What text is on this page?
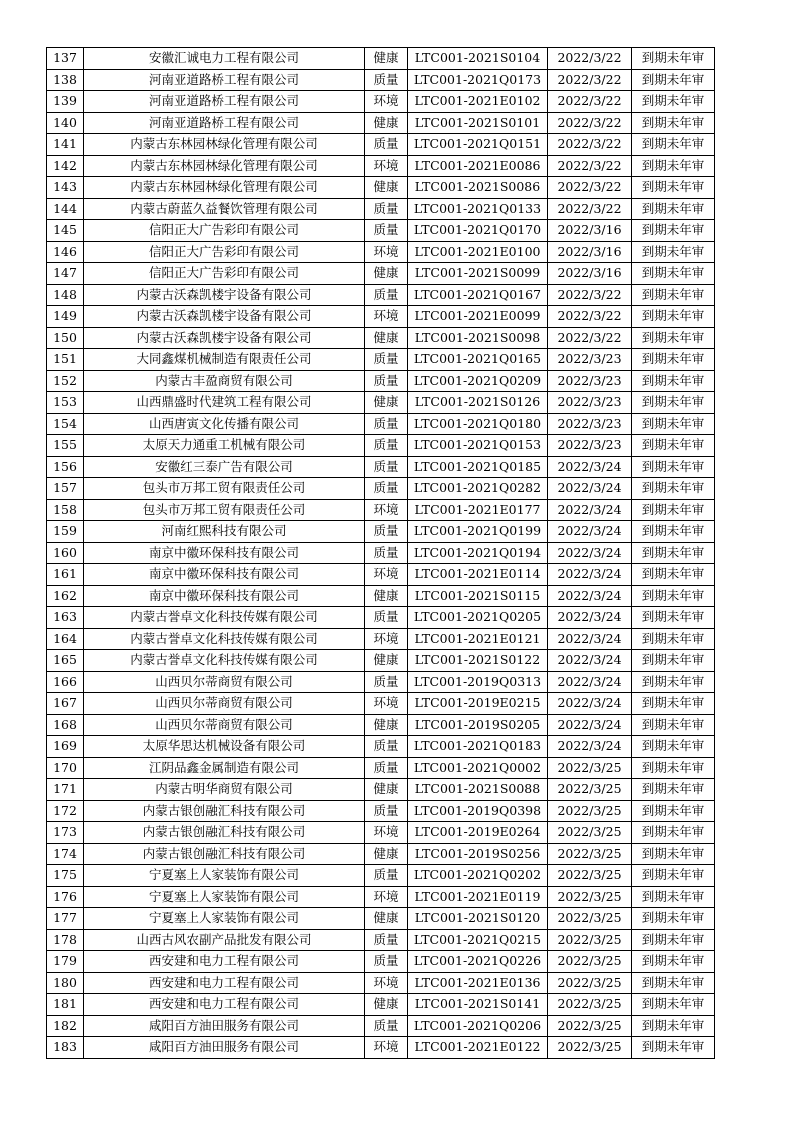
137	安徽汇诚电力工程有限公司	健康	LTC001-2021S0104	2022/3/22	到期未年审
138	河南亚道路桥工程有限公司	质量	LTC001-2021Q0173	2022/3/22	到期未年审
139	河南亚道路桥工程有限公司	环境	LTC001-2021E0102	2022/3/22	到期未年审
140	河南亚道路桥工程有限公司	健康	LTC001-2021S0101	2022/3/22	到期未年审
141	内蒙古东林园林绿化管理有限公司	质量	LTC001-2021Q0151	2022/3/22	到期未年审
142	内蒙古东林园林绿化管理有限公司	环境	LTC001-2021E0086	2022/3/22	到期未年审
143	内蒙古东林园林绿化管理有限公司	健康	LTC001-2021S0086	2022/3/22	到期未年审
144	内蒙古蔚蓝久益餐饮管理有限公司	质量	LTC001-2021Q0133	2022/3/22	到期未年审
145	信阳正大广告彩印有限公司	质量	LTC001-2021Q0170	2022/3/16	到期未年审
146	信阳正大广告彩印有限公司	环境	LTC001-2021E0100	2022/3/16	到期未年审
147	信阳正大广告彩印有限公司	健康	LTC001-2021S0099	2022/3/16	到期未年审
148	内蒙古沃森凯楼宇设备有限公司	质量	LTC001-2021Q0167	2022/3/22	到期未年审
149	内蒙古沃森凯楼宇设备有限公司	环境	LTC001-2021E0099	2022/3/22	到期未年审
150	内蒙古沃森凯楼宇设备有限公司	健康	LTC001-2021S0098	2022/3/22	到期未年审
151	大同鑫煤机械制造有限责任公司	质量	LTC001-2021Q0165	2022/3/23	到期未年审
152	内蒙古丰盈商贸有限公司	质量	LTC001-2021Q0209	2022/3/23	到期未年审
153	山西鼎盛时代建筑工程有限公司	健康	LTC001-2021S0126	2022/3/23	到期未年审
154	山西唐寅文化传播有限公司	质量	LTC001-2021Q0180	2022/3/23	到期未年审
155	太原天力通重工机械有限公司	质量	LTC001-2021Q0153	2022/3/23	到期未年审
156	安徽红三泰广告有限公司	质量	LTC001-2021Q0185	2022/3/24	到期未年审
157	包头市万邦工贸有限责任公司	质量	LTC001-2021Q0282	2022/3/24	到期未年审
158	包头市万邦工贸有限责任公司	环境	LTC001-2021E0177	2022/3/24	到期未年审
159	河南红熙科技有限公司	质量	LTC001-2021Q0199	2022/3/24	到期未年审
160	南京中徽环保科技有限公司	质量	LTC001-2021Q0194	2022/3/24	到期未年审
161	南京中徽环保科技有限公司	环境	LTC001-2021E0114	2022/3/24	到期未年审
162	南京中徽环保科技有限公司	健康	LTC001-2021S0115	2022/3/24	到期未年审
163	内蒙古誉卓文化科技传媒有限公司	质量	LTC001-2021Q0205	2022/3/24	到期未年审
164	内蒙古誉卓文化科技传媒有限公司	环境	LTC001-2021E0121	2022/3/24	到期未年审
165	内蒙古誉卓文化科技传媒有限公司	健康	LTC001-2021S0122	2022/3/24	到期未年审
166	山西贝尔蒂商贸有限公司	质量	LTC001-2019Q0313	2022/3/24	到期未年审
167	山西贝尔蒂商贸有限公司	环境	LTC001-2019E0215	2022/3/24	到期未年审
168	山西贝尔蒂商贸有限公司	健康	LTC001-2019S0205	2022/3/24	到期未年审
169	太原华思达机械设备有限公司	质量	LTC001-2021Q0183	2022/3/24	到期未年审
170	江阴品鑫金属制造有限公司	质量	LTC001-2021Q0002	2022/3/25	到期未年审
171	内蒙古明华商贸有限公司	健康	LTC001-2021S0088	2022/3/25	到期未年审
172	内蒙古银创融汇科技有限公司	质量	LTC001-2019Q0398	2022/3/25	到期未年审
173	内蒙古银创融汇科技有限公司	环境	LTC001-2019E0264	2022/3/25	到期未年审
174	内蒙古银创融汇科技有限公司	健康	LTC001-2019S0256	2022/3/25	到期未年审
175	宁夏塞上人家装饰有限公司	质量	LTC001-2021Q0202	2022/3/25	到期未年审
176	宁夏塞上人家装饰有限公司	环境	LTC001-2021E0119	2022/3/25	到期未年审
177	宁夏塞上人家装饰有限公司	健康	LTC001-2021S0120	2022/3/25	到期未年审
178	山西古风农副产品批发有限公司	质量	LTC001-2021Q0215	2022/3/25	到期未年审
179	西安建和电力工程有限公司	质量	LTC001-2021Q0226	2022/3/25	到期未年审
180	西安建和电力工程有限公司	环境	LTC001-2021E0136	2022/3/25	到期未年审
181	西安建和电力工程有限公司	健康	LTC001-2021S0141	2022/3/25	到期未年审
182	咸阳百方油田服务有限公司	质量	LTC001-2021Q0206	2022/3/25	到期未年审
183	咸阳百方油田服务有限公司	环境	LTC001-2021E0122	2022/3/25	到期未年审
